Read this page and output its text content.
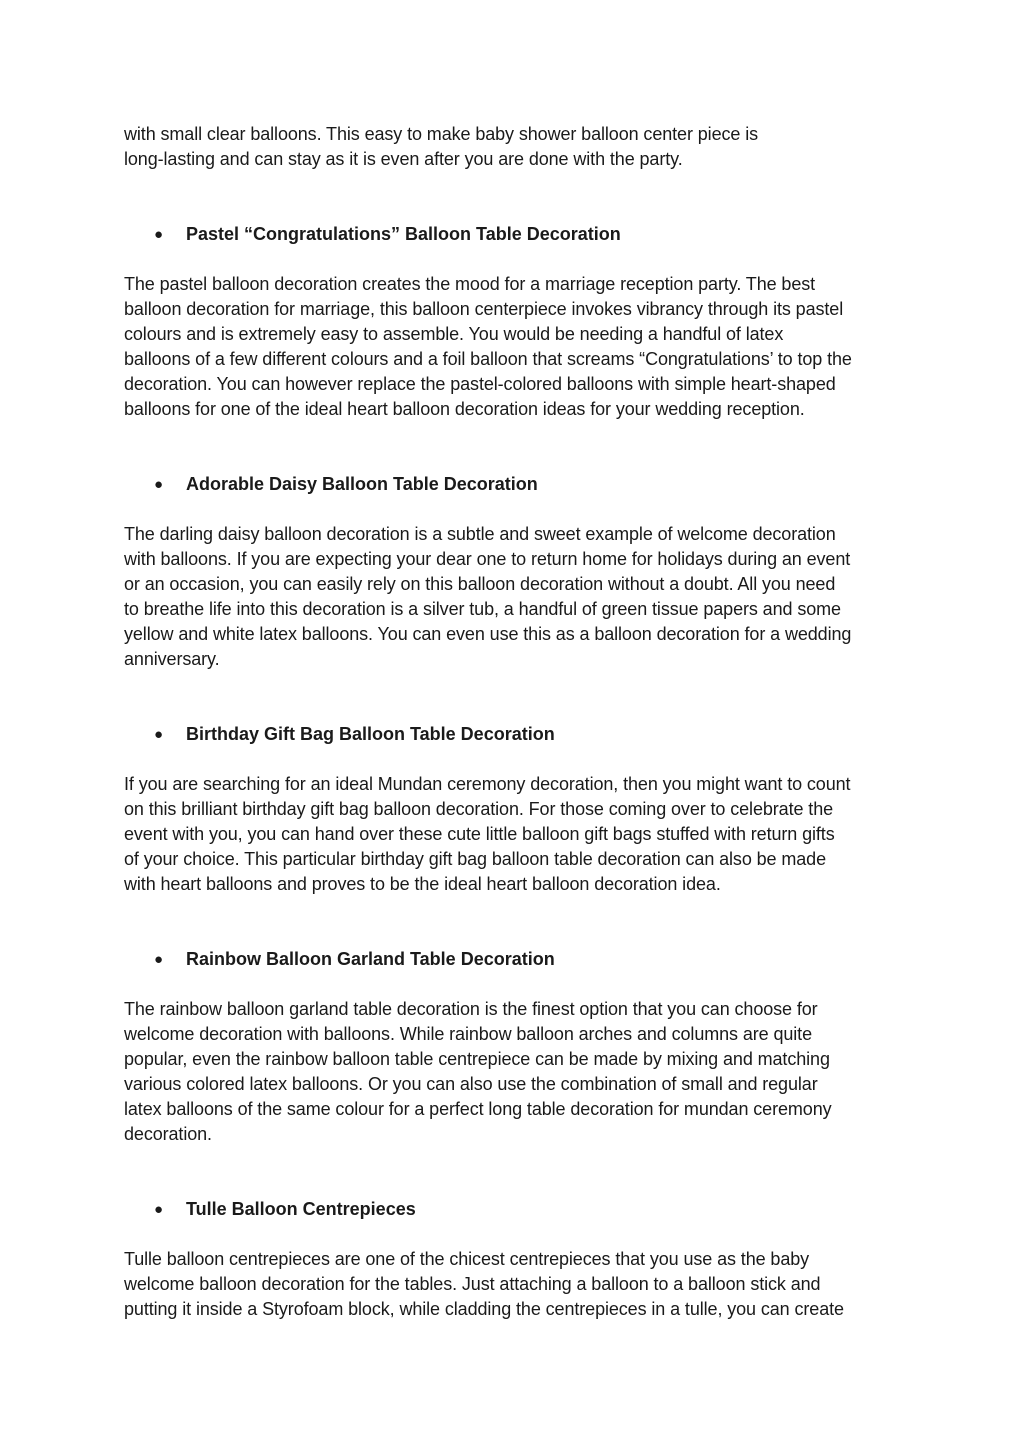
with small clear balloons. This easy to make baby shower balloon center piece is
long-lasting and can stay as it is even after you are done with the party.

● Pastel “Congratulations” Balloon Table Decoration

The pastel balloon decoration creates the mood for a marriage reception party. The best
balloon decoration for marriage, this balloon centerpiece invokes vibrancy through its pastel
colours and is extremely easy to assemble. You would be needing a handful of latex
balloons of a few different colours and a foil balloon that screams “Congratulations’ to top the
decoration. You can however replace the pastel-colored balloons with simple heart-shaped
balloons for one of the ideal heart balloon decoration ideas for your wedding reception.

● Adorable Daisy Balloon Table Decoration

The darling daisy balloon decoration is a subtle and sweet example of welcome decoration
with balloons. If you are expecting your dear one to return home for holidays during an event
or an occasion, you can easily rely on this balloon decoration without a doubt. All you need
to breathe life into this decoration is a silver tub, a handful of green tissue papers and some
yellow and white latex balloons. You can even use this as a balloon decoration for a wedding
anniversary.

● Birthday Gift Bag Balloon Table Decoration

If you are searching for an ideal Mundan ceremony decoration, then you might want to count
on this brilliant birthday gift bag balloon decoration. For those coming over to celebrate the
event with you, you can hand over these cute little balloon gift bags stuffed with return gifts
of your choice. This particular birthday gift bag balloon table decoration can also be made
with heart balloons and proves to be the ideal heart balloon decoration idea.

● Rainbow Balloon Garland Table Decoration

The rainbow balloon garland table decoration is the finest option that you can choose for
welcome decoration with balloons. While rainbow balloon arches and columns are quite
popular, even the rainbow balloon table centrepiece can be made by mixing and matching
various colored latex balloons. Or you can also use the combination of small and regular
latex balloons of the same colour for a perfect long table decoration for mundan ceremony
decoration.

● Tulle Balloon Centrepieces

Tulle balloon centrepieces are one of the chicest centrepieces that you use as the baby
welcome balloon decoration for the tables. Just attaching a balloon to a balloon stick and
putting it inside a Styrofoam block, while cladding the centrepieces in a tulle, you can create
